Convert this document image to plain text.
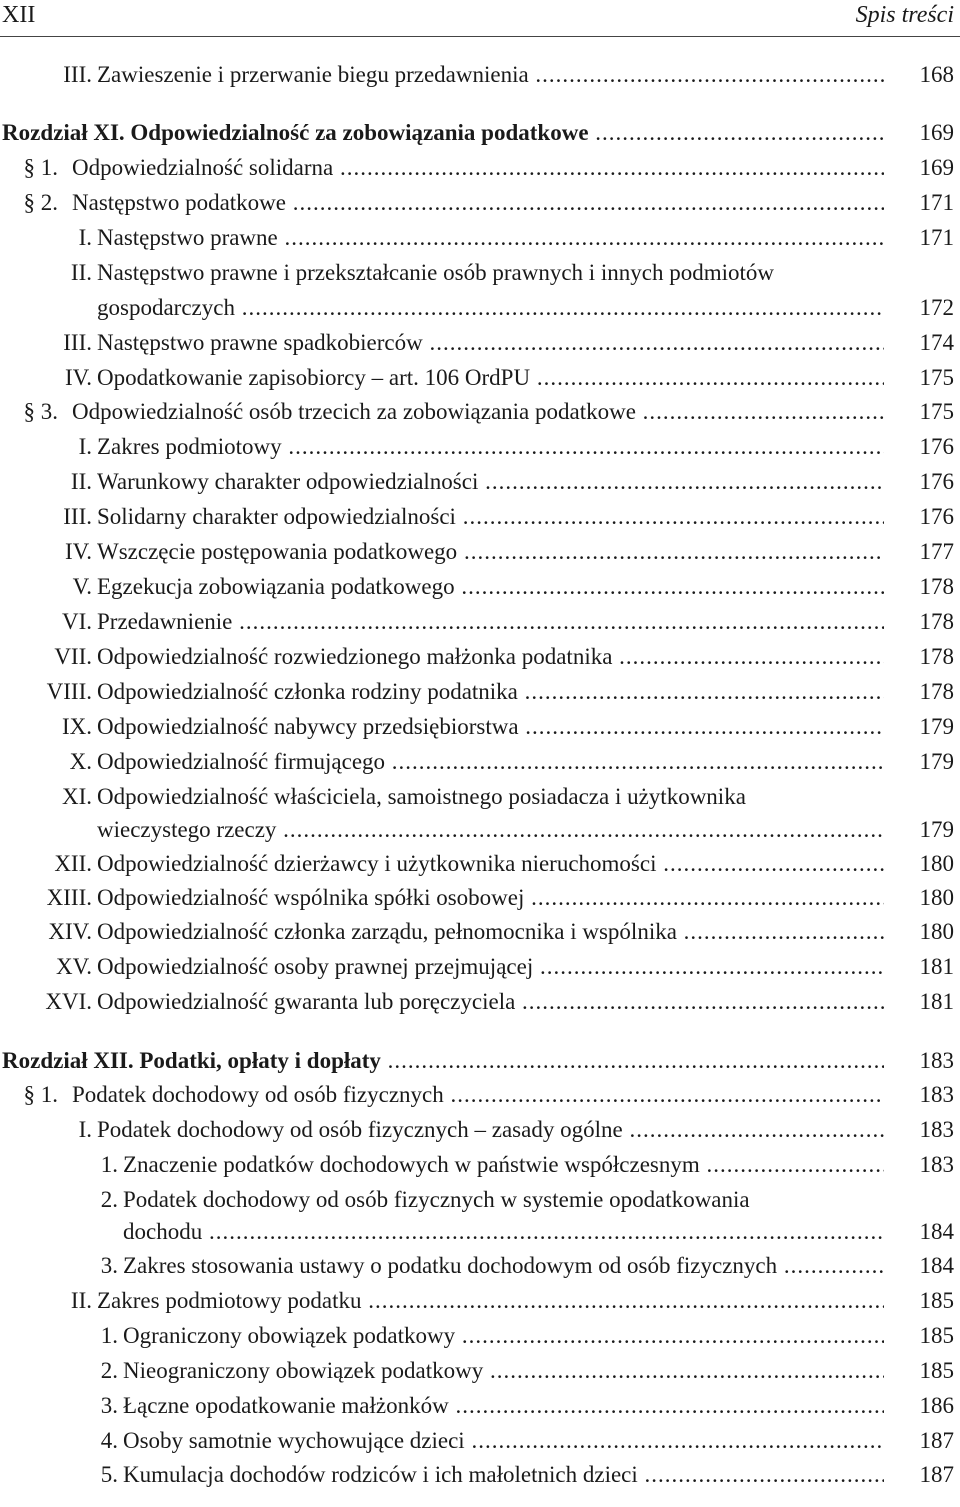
XII	Spis treści
III. Zawieszenie i przerwanie biegu przedawnienia .....	168
Rozdział XI. Odpowiedzialność za zobowiązania podatkowe .....	169
§ 1. Odpowiedzialność solidarna .....	169
§ 2. Następstwo podatkowe .....	171
I. Następstwo prawne .....	171
II. Następstwo prawne i przekształcanie osób prawnych i innych podmiotów
gospodarczych .....	172
III. Następstwo prawne spadkobierców .....	174
IV. Opodatkowanie zapisobiorcy – art. 106 OrdPU .....	175
§ 3. Odpowiedzialność osób trzecich za zobowiązania podatkowe .....	175
I. Zakres podmiotowy .....	176
II. Warunkowy charakter odpowiedzialności .....	176
III. Solidarny charakter odpowiedzialności .....	176
IV. Wszczęcie postępowania podatkowego .....	177
V. Egzekucja zobowiązania podatkowego .....	178
VI. Przedawnienie .....	178
VII. Odpowiedzialność rozwiedzionego małżonka podatnika .....	178
VIII. Odpowiedzialność członka rodziny podatnika .....	178
IX. Odpowiedzialność nabywcy przedsiębiorstwa .....	179
X. Odpowiedzialność firmującego .....	179
XI. Odpowiedzialność właściciela, samoistnego posiadacza i użytkownika
wieczystego rzeczy .....	179
XII. Odpowiedzialność dzierżawcy i użytkownika nieruchomości .....	180
XIII. Odpowiedzialność wspólnika spółki osobowej .....	180
XIV. Odpowiedzialność członka zarządu, pełnomocnika i wspólnika .....	180
XV. Odpowiedzialność osoby prawnej przejmującej .....	181
XVI. Odpowiedzialność gwaranta lub poręczyciela .....	181
Rozdział XII. Podatki, opłaty i dopłaty .....	183
§ 1. Podatek dochodowy od osób fizycznych .....	183
I. Podatek dochodowy od osób fizycznych – zasady ogólne .....	183
1. Znaczenie podatków dochodowych w państwie współczesnym .....	183
2. Podatek dochodowy od osób fizycznych w systemie opodatkowania
dochodu .....	184
3. Zakres stosowania ustawy o podatku dochodowym od osób fizycznych .....	184
II. Zakres podmiotowy podatku .....	185
1. Ograniczony obowiązek podatkowy .....	185
2. Nieograniczony obowiązek podatkowy .....	185
3. Łączne opodatkowanie małżonków .....	186
4. Osoby samotnie wychowujące dzieci .....	187
5. Kumulacja dochodów rodziców i ich małoletnich dzieci .....	187
